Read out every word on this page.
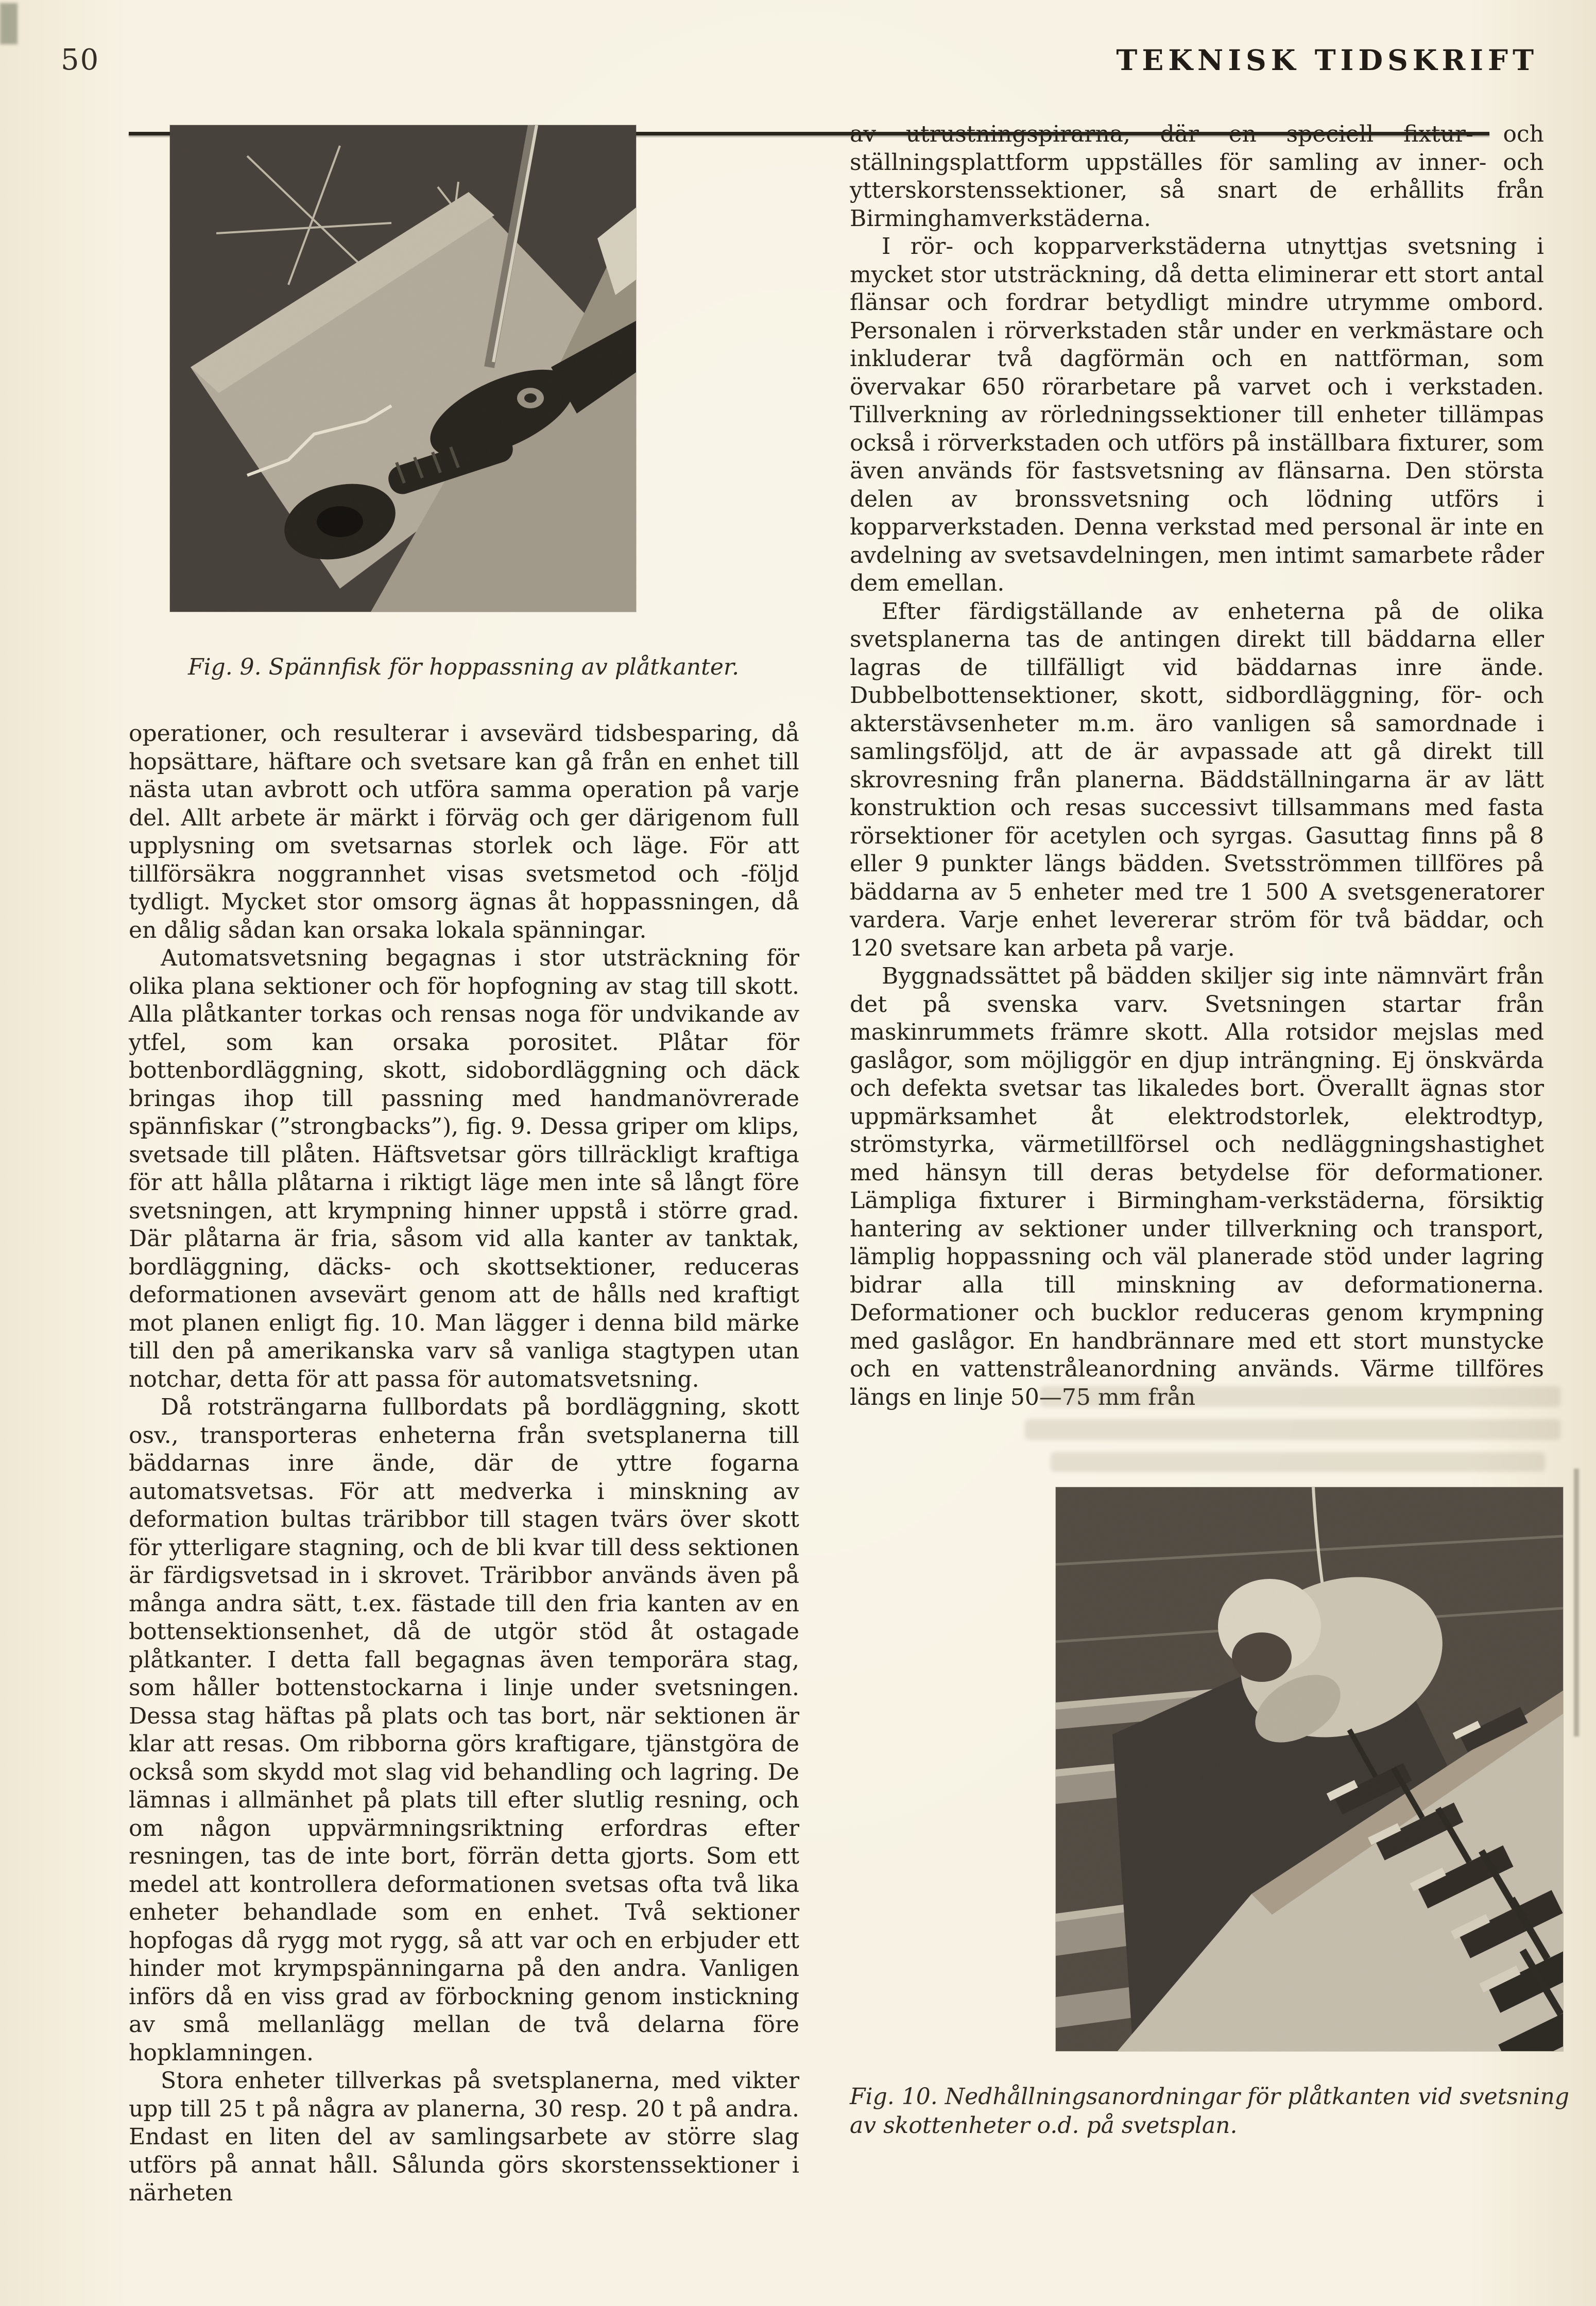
50	TEKNISK TIDSKRIFT
Fig. 9. Spännfisk för hoppassning av plåtkanter.

operationer, och resulterar i avsevärd tidsbesparing, då hopsättare, häftare och svetsare kan gå från en enhet till nästa utan avbrott och utföra samma operation på varje del. Allt arbete är märkt i förväg och ger därigenom full upplysning om svetsarnas storlek och läge. För att tillförsäkra noggrannhet visas svetsmetod och -följd tydligt. Mycket stor omsorg ägnas åt hoppassningen, då en dålig sådan kan orsaka lokala spänningar.

Automatsvetsning begagnas i stor utsträckning för olika plana sektioner och för hopfogning av stag till skott. Alla plåtkanter torkas och rensas noga för undvikande av ytfel, som kan orsaka porositet. Plåtar för bottenbordläggning, skott, sidobordläggning och däck bringas ihop till passning med handmanövrerade spännfiskar (”strongbacks”), fig. 9. Dessa griper om klips, svetsade till plåten. Häftsvetsar görs tillräckligt kraftiga för att hålla plåtarna i riktigt läge men inte så långt före svetsningen, att krympning hinner uppstå i större grad. Där plåtarna är fria, såsom vid alla kanter av tanktak, bordläggning, däcks- och skottsektioner, reduceras deformationen avsevärt genom att de hålls ned kraftigt mot planen enligt fig. 10. Man lägger i denna bild märke till den på amerikanska varv så vanliga stagtypen utan notchar, detta för att passa för automatsvetsning.

Då rotsträngarna fullbordats på bordläggning, skott osv., transporteras enheterna från svetsplanerna till bäddarnas inre ände, där de yttre fogarna automatsvetsas. För att medverka i minskning av deformation bultas träribbor till stagen tvärs över skott för ytterligare stagning, och de bli kvar till dess sektionen är färdigsvetsad in i skrovet. Träribbor används även på många andra sätt, t.ex. fästade till den fria kanten av en bottensektionsenhet, då de utgör stöd åt ostagade plåtkanter. I detta fall begagnas även temporära stag, som håller bottenstockarna i linje under svetsningen. Dessa stag häftas på plats och tas bort, när sektionen är klar att resas. Om ribborna görs kraftigare, tjänstgöra de också som skydd mot slag vid behandling och lagring. De lämnas i allmänhet på plats till efter slutlig resning, och om någon uppvärmningsriktning erfordras efter resningen, tas de inte bort, förrän detta gjorts. Som ett medel att kontrollera deformationen svetsas ofta två lika enheter behandlade som en enhet. Två sektioner hopfogas då rygg mot rygg, så att var och en erbjuder ett hinder mot krympspänningarna på den andra. Vanligen införs då en viss grad av förbockning genom instickning av små mellanlägg mellan de två delarna före hopklamningen.

Stora enheter tillverkas på svetsplanerna, med vikter upp till 25 t på några av planerna, 30 resp. 20 t på andra. Endast en liten del av samlingsarbete av större slag utförs på annat håll. Sålunda görs skorstenssektioner i närheten

av utrustningspirarna, där en speciell fixtur- och ställningsplattform uppställes för samling av inner- och ytterskorstenssektioner, så snart de erhållits från Birminghamverkstäderna.

I rör- och kopparverkstäderna utnyttjas svetsning i mycket stor utsträckning, då detta eliminerar ett stort antal flänsar och fordrar betydligt mindre utrymme ombord. Personalen i rörverkstaden står under en verkmästare och inkluderar två dagförmän och en nattförman, som övervakar 650 rörarbetare på varvet och i verkstaden. Tillverkning av rörledningssektioner till enheter tillämpas också i rörverkstaden och utförs på inställbara fixturer, som även används för fastsvetsning av flänsarna. Den största delen av bronssvetsning och lödning utförs i kopparverkstaden. Denna verkstad med personal är inte en avdelning av svetsavdelningen, men intimt samarbete råder dem emellan.

Efter färdigställande av enheterna på de olika svetsplanerna tas de antingen direkt till bäddarna eller lagras de tillfälligt vid bäddarnas inre ände. Dubbelbottensektioner, skott, sidbordläggning, för- och akterstävsenheter m.m. äro vanligen så samordnade i samlingsföljd, att de är avpassade att gå direkt till skrovresning från planerna. Bäddställningarna är av lätt konstruktion och resas successivt tillsammans med fasta rörsektioner för acetylen och syrgas. Gasuttag finns på 8 eller 9 punkter längs bädden. Svetsströmmen tillföres på bäddarna av 5 enheter med tre 1 500 A svetsgeneratorer vardera. Varje enhet levererar ström för två bäddar, och 120 svetsare kan arbeta på varje.

Byggnadssättet på bädden skiljer sig inte nämnvärt från det på svenska varv. Svetsningen startar från maskinrummets främre skott. Alla rotsidor mejslas med gaslågor, som möjliggör en djup inträngning. Ej önskvärda och defekta svetsar tas likaledes bort. Överallt ägnas stor uppmärksamhet åt elektrodstorlek, elektrodtyp, strömstyrka, värmetillförsel och nedläggningshastighet med hänsyn till deras betydelse för deformationer. Lämpliga fixturer i Birmingham-verkstäderna, försiktig hantering av sektioner under tillverkning och transport, lämplig hoppassning och väl planerade stöd under lagring bidrar alla till minskning av deformationerna. Deformationer och bucklor reduceras genom krympning med gaslågor. En handbrännare med ett stort munstycke och en vattenstråleanordning används. Värme tillföres längs en linje 50—75 mm från

Fig. 10. Nedhållningsanordningar för plåtkanten vid svetsning av skottenheter o.d. på svetsplan.
